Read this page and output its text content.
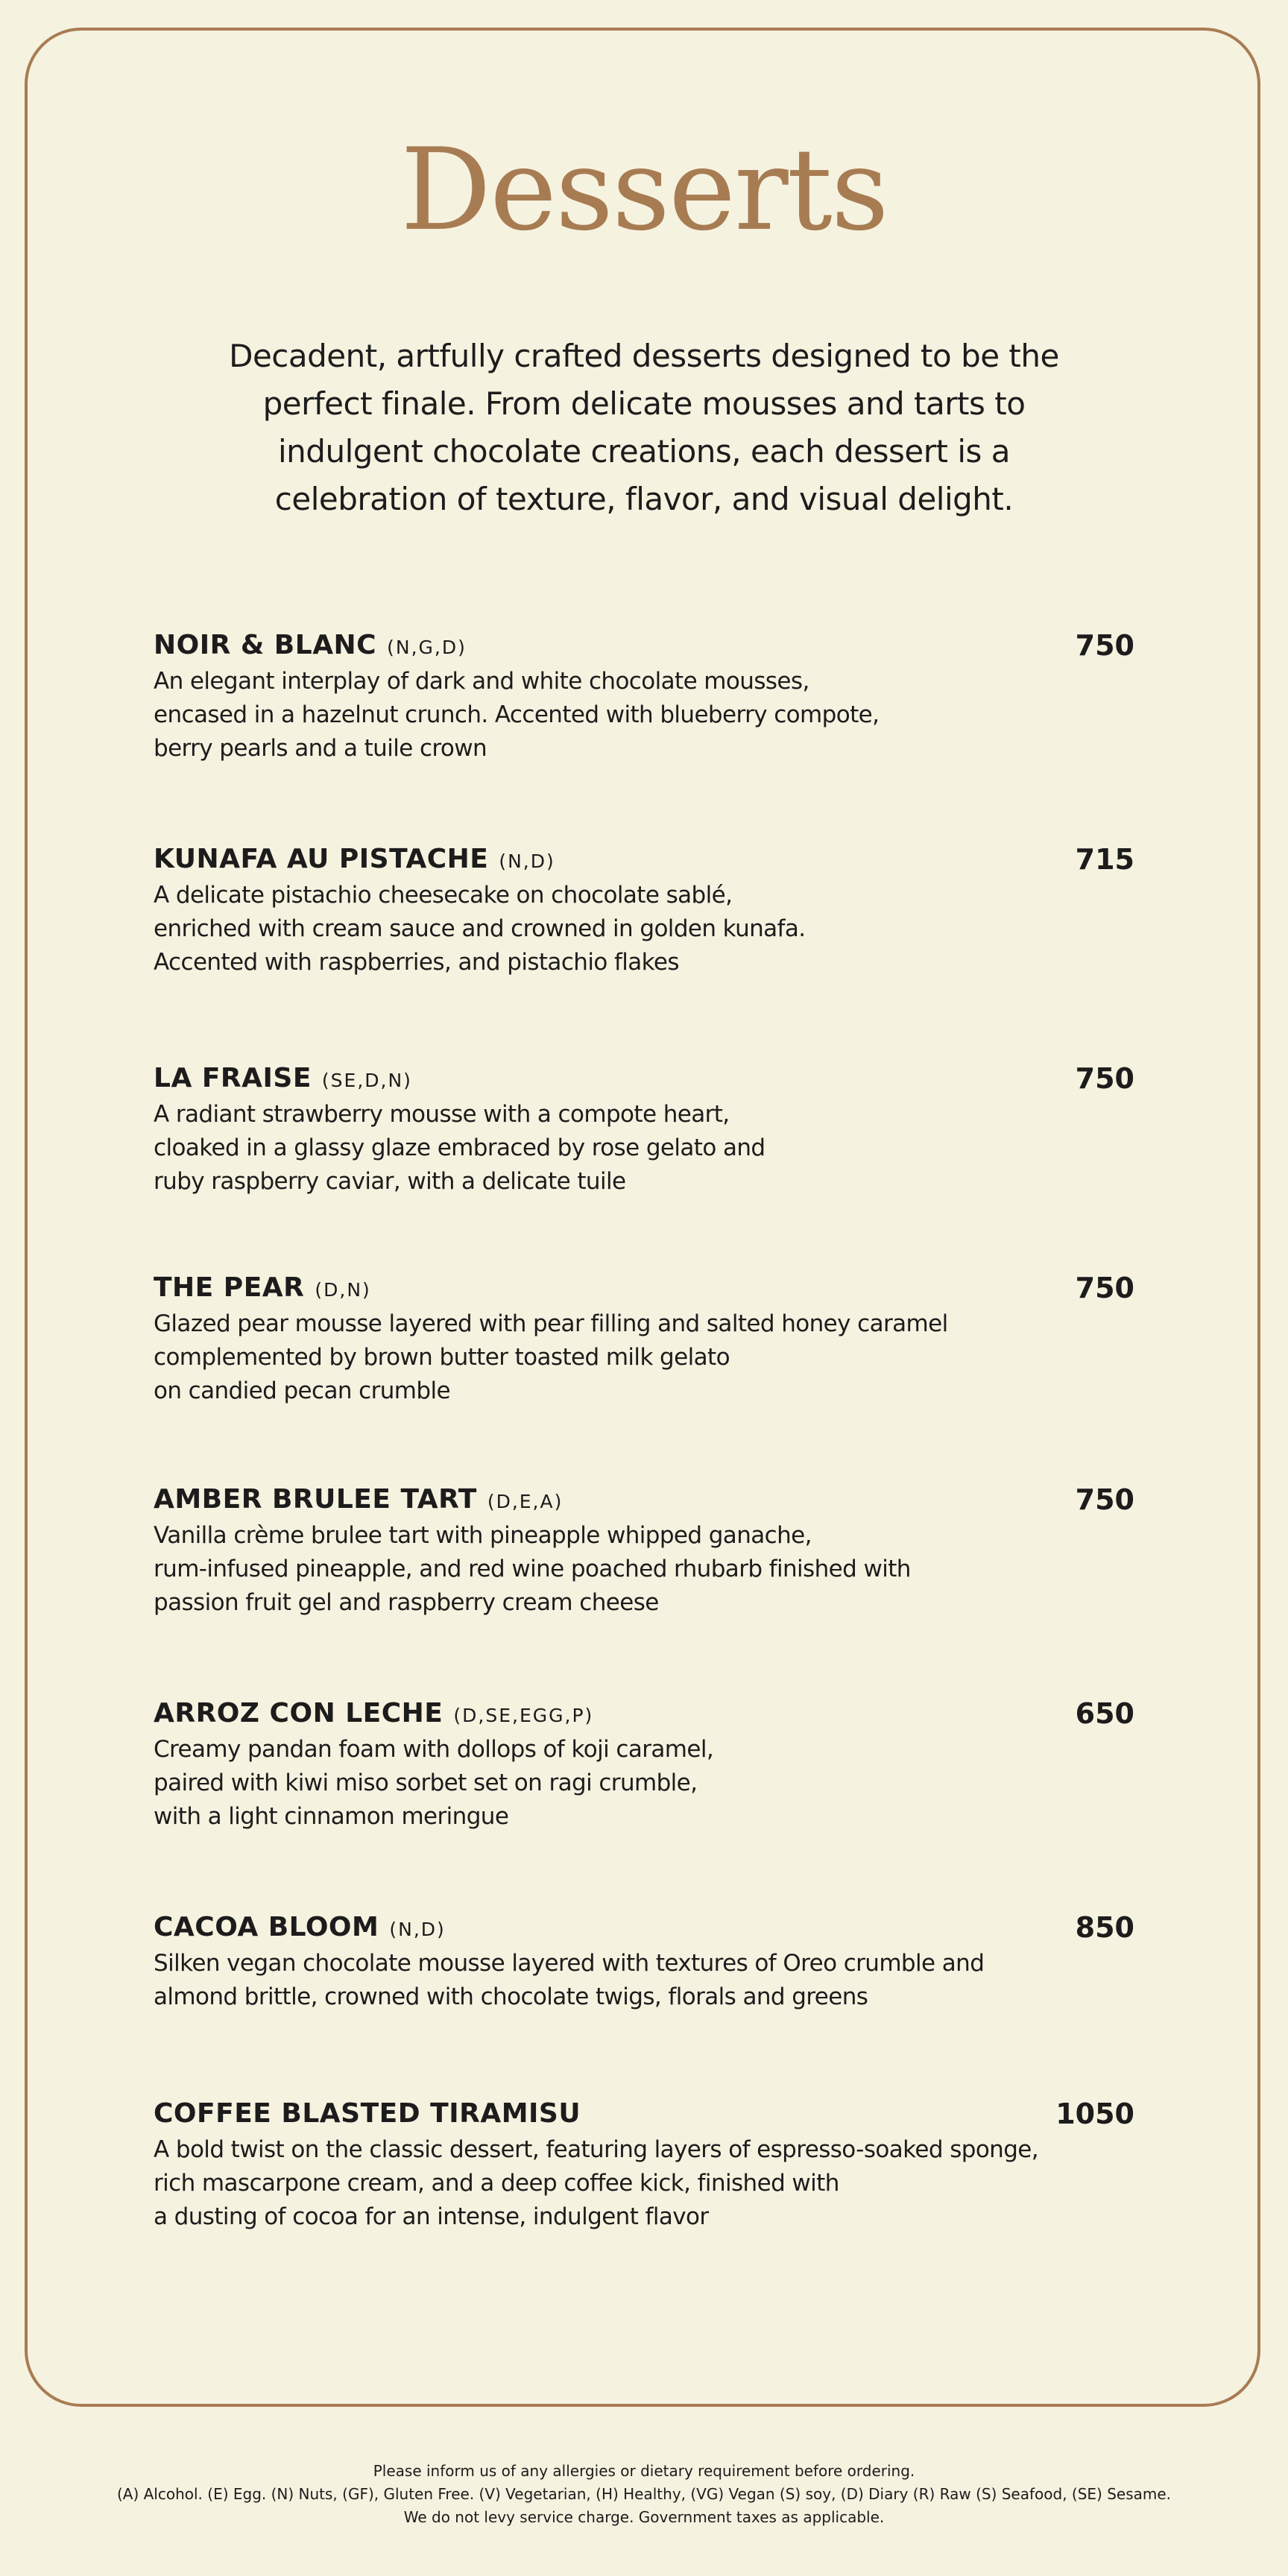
Desserts
Decadent, artfully crafted desserts designed to be the perfect finale. From delicate mousses and tarts to indulgent chocolate creations, each dessert is a celebration of texture, flavor, and visual delight.
NOIR & BLANC (N,G,D)	750
An elegant interplay of dark and white chocolate mousses,
encased in a hazelnut crunch. Accented with blueberry compote,
berry pearls and a tuile crown
KUNAFA AU PISTACHE (N,D)	715
A delicate pistachio cheesecake on chocolate sablé,
enriched with cream sauce and crowned in golden kunafa.
Accented with raspberries, and pistachio flakes
LA FRAISE (SE,D,N)	750
A radiant strawberry mousse with a compote heart,
cloaked in a glassy glaze embraced by rose gelato and
ruby raspberry caviar, with a delicate tuile
THE PEAR (D,N)	750
Glazed pear mousse layered with pear filling and salted honey caramel
complemented by brown butter toasted milk gelato
on candied pecan crumble
AMBER BRULEE TART (D,E,A)	750
Vanilla crème brulee tart with pineapple whipped ganache,
rum-infused pineapple, and red wine poached rhubarb finished with
passion fruit gel and raspberry cream cheese
ARROZ CON LECHE (D,SE,EGG,P)	650
Creamy pandan foam with dollops of koji caramel,
paired with kiwi miso sorbet set on ragi crumble,
with a light cinnamon meringue
CACOA BLOOM (N,D)	850
Silken vegan chocolate mousse layered with textures of Oreo crumble and
almond brittle, crowned with chocolate twigs, florals and greens
COFFEE BLASTED TIRAMISU	1050
A bold twist on the classic dessert, featuring layers of espresso-soaked sponge,
rich mascarpone cream, and a deep coffee kick, finished with
a dusting of cocoa for an intense, indulgent flavor
Please inform us of any allergies or dietary requirement before ordering.
(A) Alcohol. (E) Egg. (N) Nuts, (GF), Gluten Free. (V) Vegetarian, (H) Healthy, (VG) Vegan (S) soy, (D) Diary (R) Raw (S) Seafood, (SE) Sesame.
We do not levy service charge. Government taxes as applicable.
